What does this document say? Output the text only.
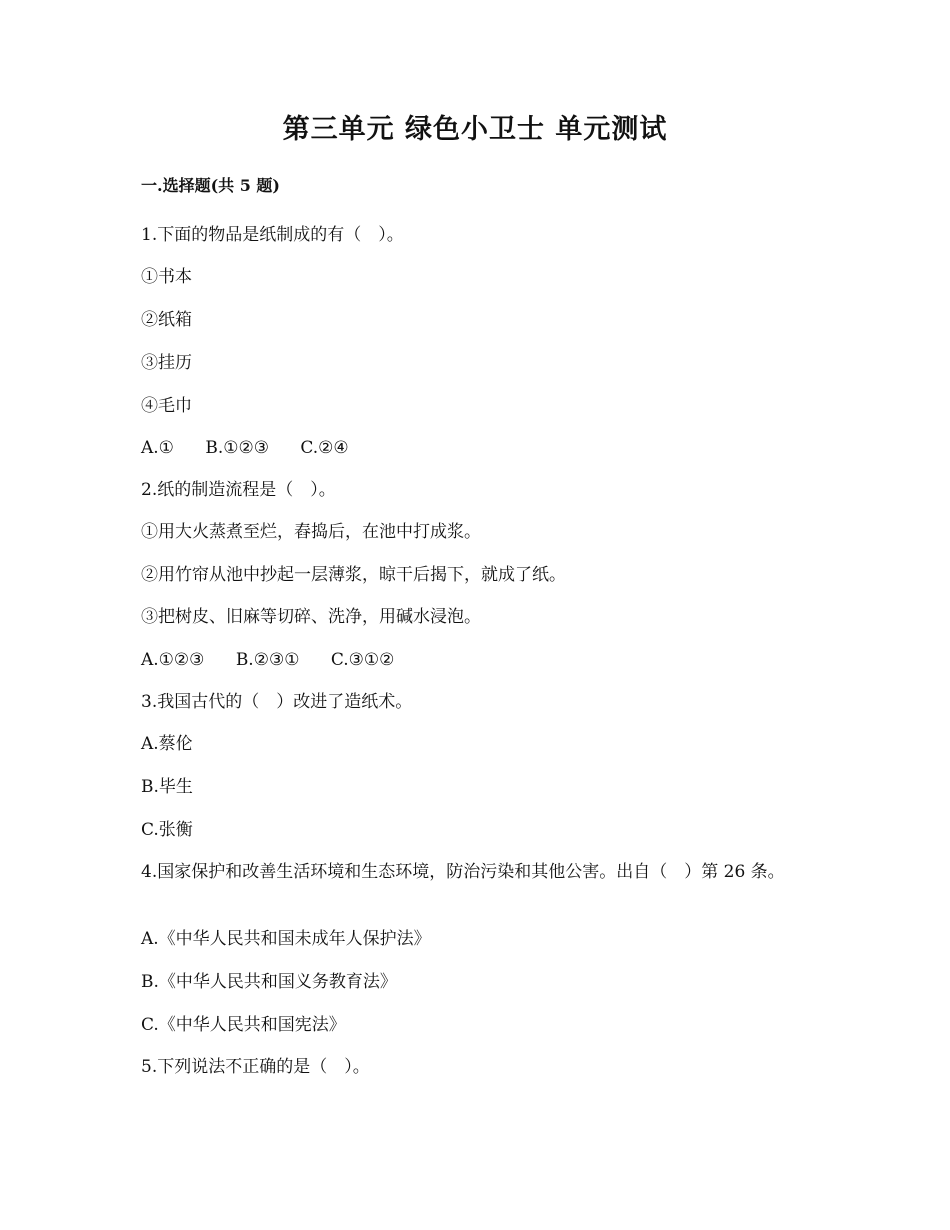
第三单元 绿色小卫士 单元测试
一.选择题(共 5 题)
1.下面的物品是纸制成的有（　）。
①书本
②纸箱
③挂历
④毛巾
A.① B.①②③ C.②④
2.纸的制造流程是（　）。
①用大火蒸煮至烂，舂捣后，在池中打成浆。
②用竹帘从池中抄起一层薄浆，晾干后揭下，就成了纸。
③把树皮、旧麻等切碎、洗净，用碱水浸泡。
A.①②③ B.②③① C.③①②
3.我国古代的（　）改进了造纸术。
A.蔡伦
B.毕生
C.张衡
4.国家保护和改善生活环境和生态环境，防治污染和其他公害。出自（　）第 26 条。
A.《中华人民共和国未成年人保护法》
B.《中华人民共和国义务教育法》
C.《中华人民共和国宪法》
5.下列说法不正确的是（　）。
